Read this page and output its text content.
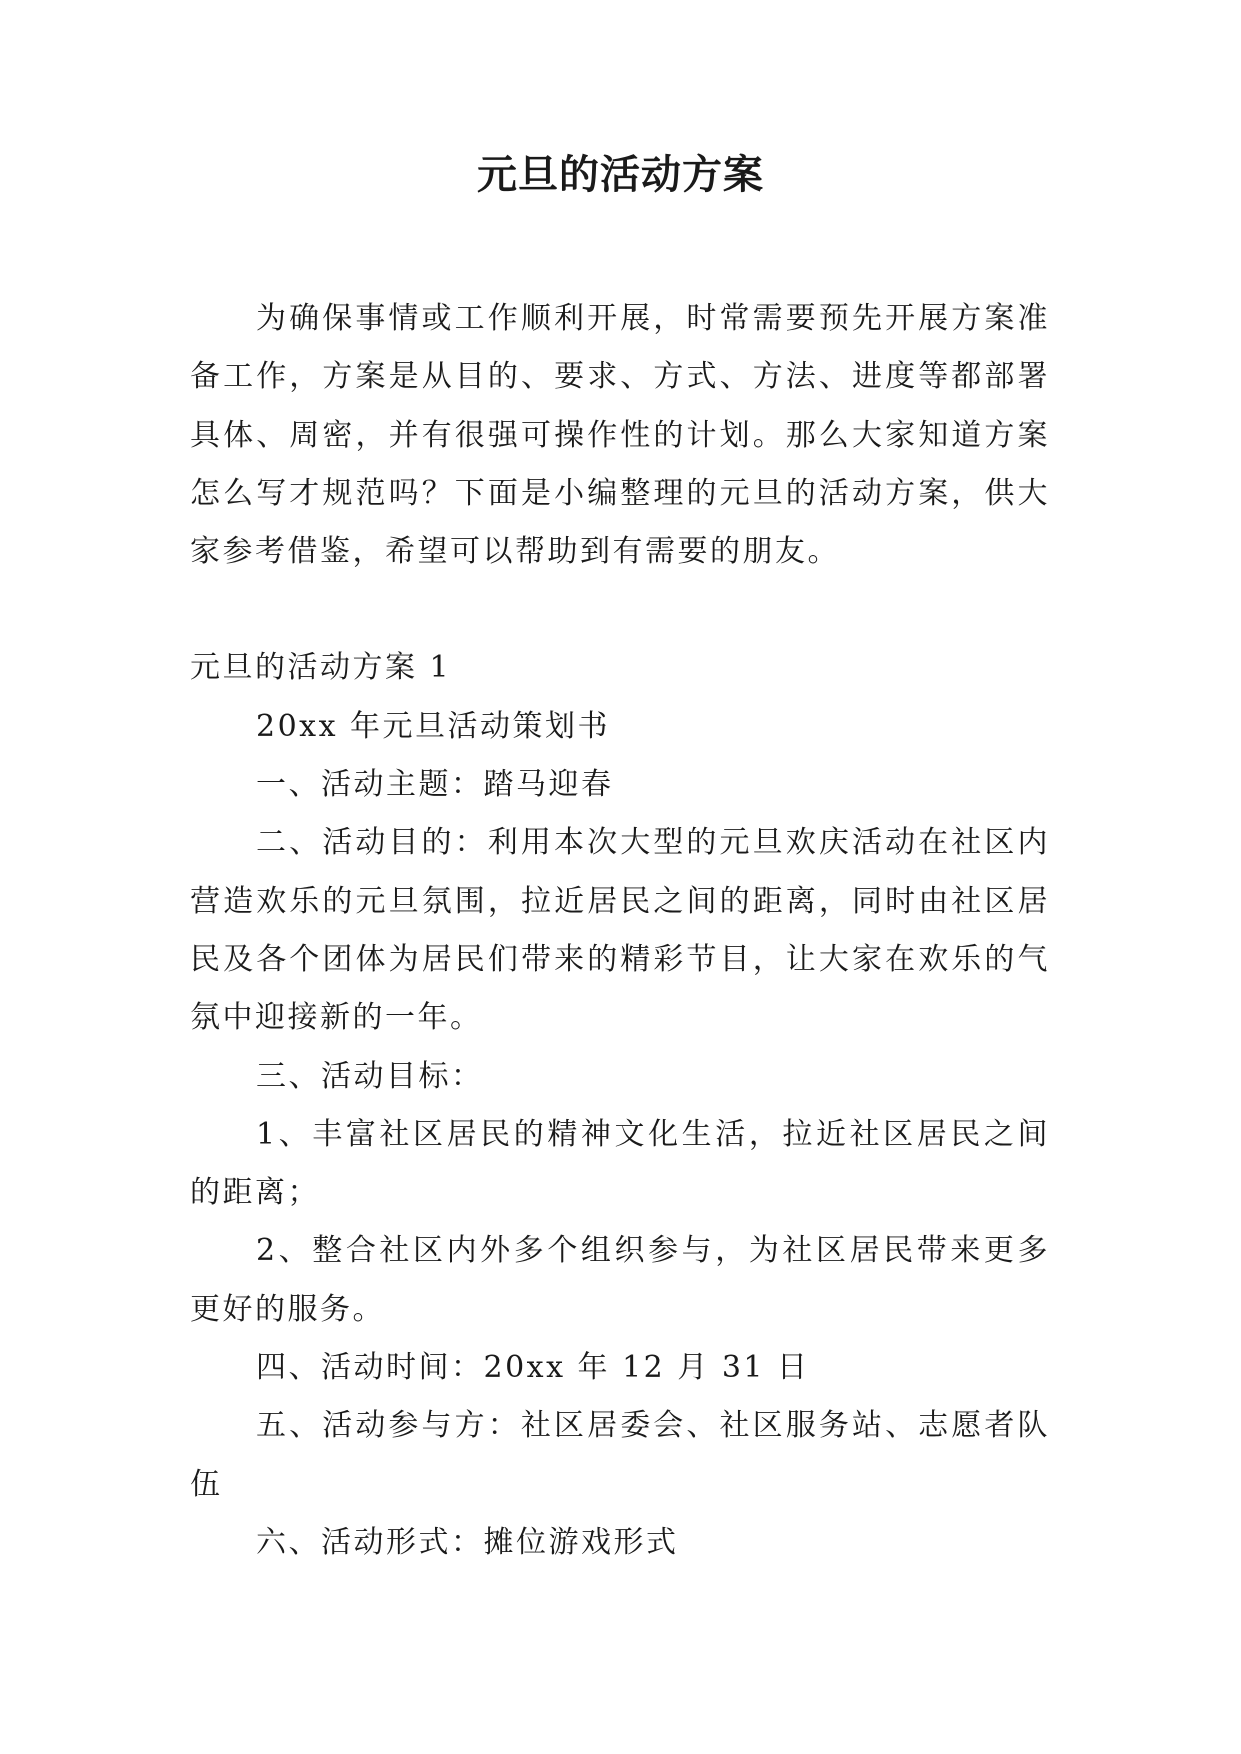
元旦的活动方案

为确保事情或工作顺利开展，时常需要预先开展方案准备工作，方案是从目的、要求、方式、方法、进度等都部署具体、周密，并有很强可操作性的计划。那么大家知道方案怎么写才规范吗？下面是小编整理的元旦的活动方案，供大家参考借鉴，希望可以帮助到有需要的朋友。

元旦的活动方案 1

20xx 年元旦活动策划书

一、活动主题：踏马迎春

二、活动目的：利用本次大型的元旦欢庆活动在社区内营造欢乐的元旦氛围，拉近居民之间的距离，同时由社区居民及各个团体为居民们带来的精彩节目，让大家在欢乐的气氛中迎接新的一年。

三、活动目标：

1、丰富社区居民的精神文化生活，拉近社区居民之间的距离；

2、整合社区内外多个组织参与，为社区居民带来更多更好的服务。

四、活动时间：20xx 年 12 月 31 日

五、活动参与方：社区居委会、社区服务站、志愿者队伍

六、活动形式：摊位游戏形式
